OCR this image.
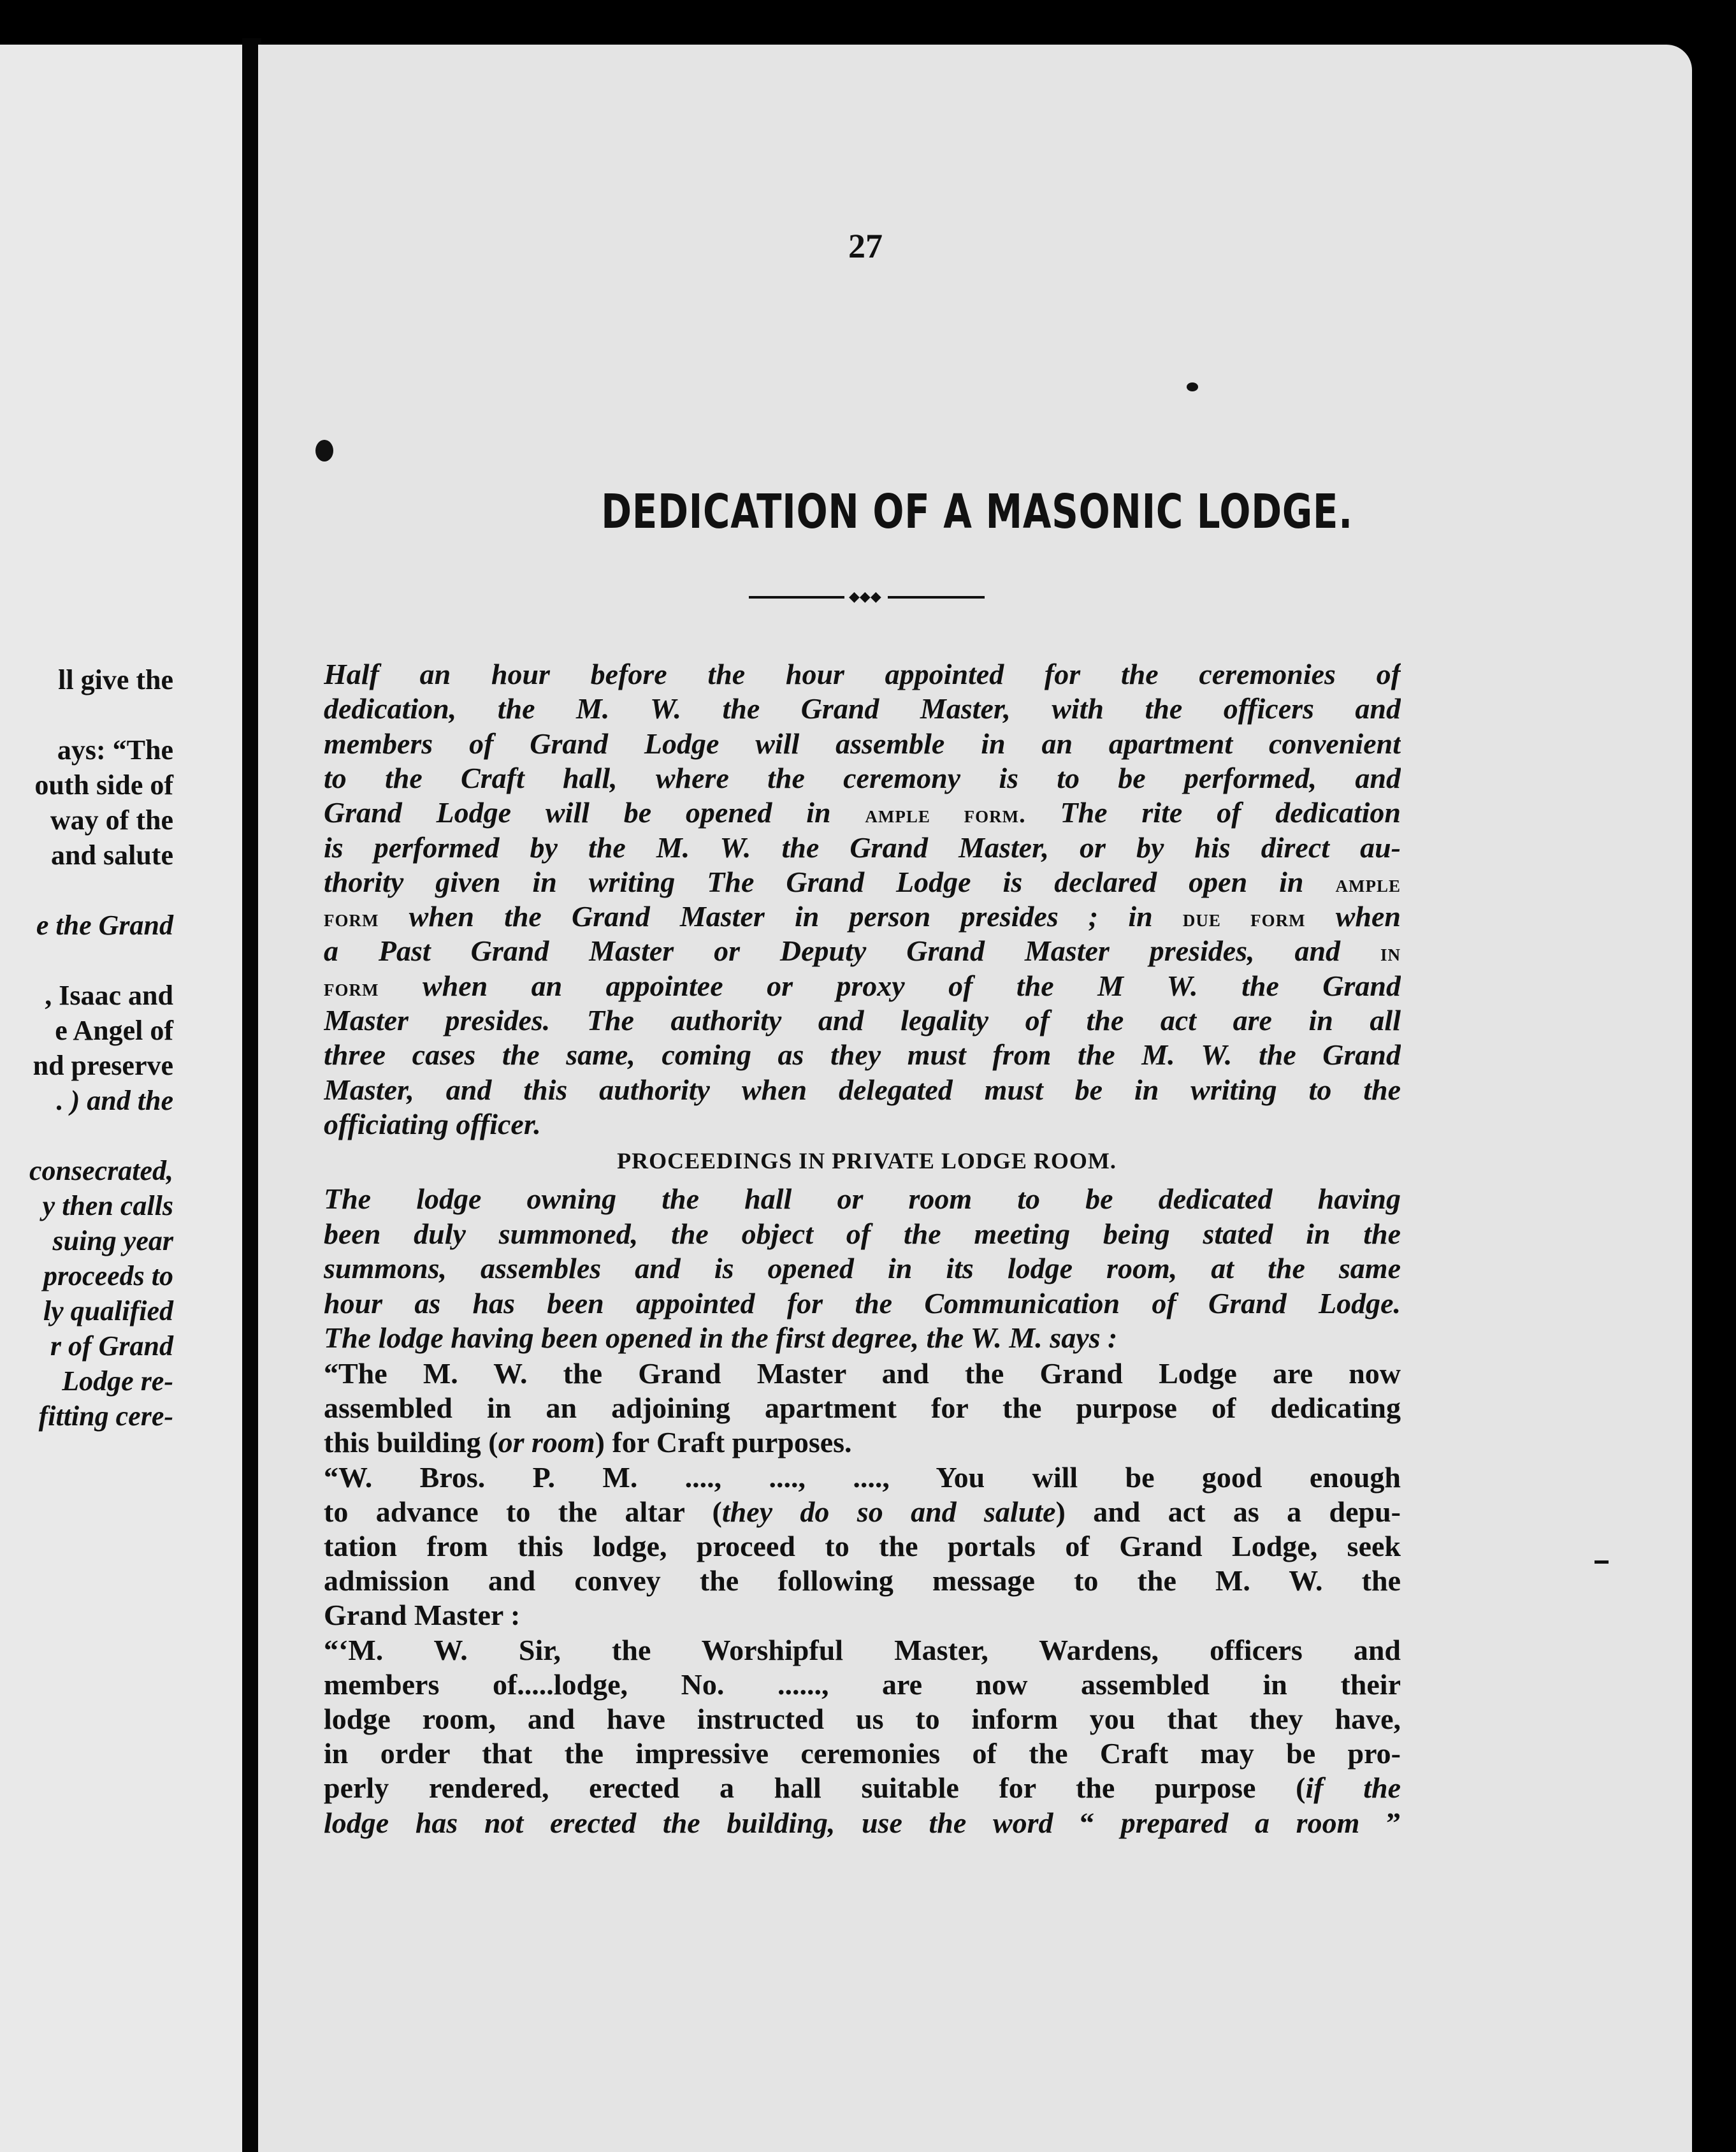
ll give the
ays: “The
outh side of
way of the
and salute
e the Grand
, Isaac and
e Angel of
nd preserve
. ) and the
consecrated,
y then calls
suing year
proceeds to
ly qualified
r of Grand
Lodge re-
fitting cere-
27
DEDICATION OF A MASONIC LODGE.
◆◆◆
PROCEEDINGS IN PRIVATE LODGE ROOM.
Half an hour before the hour appointed for the ceremonies of
dedication, the M. W. the Grand Master, with the officers and
members of Grand Lodge will assemble in an apartment convenient
to the Craft hall, where the ceremony is to be performed, and
Grand Lodge will be opened in ample form. The rite of dedication
is performed by the M. W. the Grand Master, or by his direct au-
thority given in writing The Grand Lodge is declared open in ample
form when the Grand Master in person presides ; in due form when
a Past Grand Master or Deputy Grand Master presides, and in
form when an appointee or proxy of the M W. the Grand
Master presides. The authority and legality of the act are in all
three cases the same, coming as they must from the M. W. the Grand
Master, and this authority when delegated must be in writing to the
officiating officer.
The lodge owning the hall or room to be dedicated having
been duly summoned, the object of the meeting being stated in the
summons, assembles and is opened in its lodge room, at the same
hour as has been appointed for the Communication of Grand Lodge.
The lodge having been opened in the first degree, the W. M. says :
“The M. W. the Grand Master and the Grand Lodge are now
assembled in an adjoining apartment for the purpose of dedicating
this building (or room) for Craft purposes.
“W. Bros. P. M. ...., ...., ...., You will be good enough
to advance to the altar (they do so and salute) and act as a depu-
tation from this lodge, proceed to the portals of Grand Lodge, seek
admission and convey the following message to the M. W. the
Grand Master :
“‘M. W. Sir, the Worshipful Master, Wardens, officers and
members of.....lodge, No. ......, are now assembled in their
lodge room, and have instructed us to inform you that they have,
in order that the impressive ceremonies of the Craft may be pro-
perly rendered, erected a hall suitable for the purpose (if the
lodge has not erected the building, use the word “ prepared a room ”
